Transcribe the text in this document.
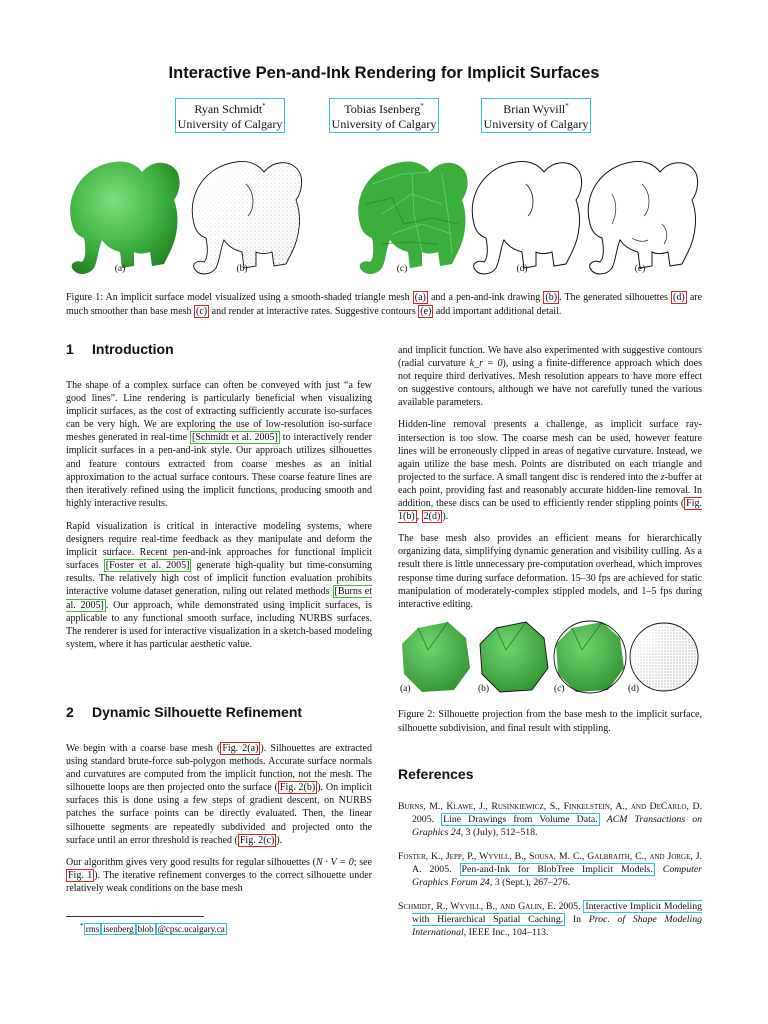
Interactive Pen-and-Ink Rendering for Implicit Surfaces
Ryan Schmidt*
University of Calgary
Tobias Isenberg*
University of Calgary
Brian Wyvill*
University of Calgary
(a)	(b)	(c)	(d)	(e)
Figure 1: An implicit surface model visualized using a smooth-shaded triangle mesh (a) and a pen-and-ink drawing (b) . The generated silhouettes (d) are much smoother than base mesh (c) and render at interactive rates. Suggestive contours (e) add important additional detail.
1 Introduction

The shape of a complex surface can often be conveyed with just “a few good lines”. Line rendering is particularly beneficial when visualizing implicit surfaces, as the cost of extracting sufficiently accurate iso-surfaces can be very high. We are exploring the use of low-resolution iso-surface meshes generated in real-time [Schmidt et al. 2005] to interactively render implicit surfaces in a pen-and-ink style. Our approach utilizes silhouettes and feature contours extracted from coarse meshes as an initial approximation to the actual surface contours. These coarse feature lines are then iteratively refined using the implicit functions, producing smooth and highly interactive results.

Rapid visualization is critical in interactive modeling systems, where designers require real-time feedback as they manipulate and deform the implicit surface. Recent pen-and-ink approaches for functional implicit surfaces [Foster et al. 2005] generate high-quality but time-consuming results. The relatively high cost of implicit function evaluation prohibits interactive volume dataset generation, ruling out related methods [Burns et al. 2005] . Our approach, while demonstrated using implicit surfaces, is applicable to any functional smooth surface, including NURBS surfaces. The renderer is used for interactive visualization in a sketch-based modeling system, where it has particular aesthetic value.

2 Dynamic Silhouette Refinement

We begin with a coarse base mesh ( Fig. 2(a) ). Silhouettes are extracted using standard brute-force sub-polygon methods. Accurate surface normals and curvatures are computed from the implicit function, not the mesh. The silhouette loops are then projected onto the surface ( Fig. 2(b) ). On implicit surfaces this is done using a few steps of gradient descent, on NURBS patches the surface points can be directly evaluated. Then, the linear silhouette segments are repeatedly subdivided and projected onto the surface until an error threshold is reached ( Fig. 2(c) ).

Our algorithm gives very good results for regular silhouettes (N · V = 0; see Fig. 1 ). The iterative refinement converges to the correct silhouette under relatively weak conditions on the base mesh

* rms isenberg blob @cpsc.ucalgary.ca

and implicit function. We have also experimented with suggestive contours (radial curvature k_r = 0), using a finite-difference approach which does not require third derivatives. Mesh resolution appears to have more effect on suggestive contours, although we have not carefully tuned the various available parameters.

Hidden-line removal presents a challenge, as implicit surface ray-intersection is too slow. The coarse mesh can be used, however feature lines will be erroneously clipped in areas of negative curvature. Instead, we again utilize the base mesh. Points are distributed on each triangle and projected to the surface. A small tangent disc is rendered into the z-buffer at each point, providing fast and reasonably accurate hidden-line removal. In addition, these discs can be used to efficiently render stippling points ( Fig. 1(b) , 2(d) ).

The base mesh also provides an efficient means for hierarchically organizing data, simplifying dynamic generation and visibility culling. As a result there is little unnecessary pre-computation overhead, which improves response time during surface deformation. 15–30 fps are achieved for static manipulation of moderately-complex stippled models, and 1–5 fps during interactive editing.

(a)	(b)	(c)	(d)
Figure 2: Silhouette projection from the base mesh to the implicit surface, silhouette subdivision, and final result with stippling.
References
Burns, M., Klawe, J., Rusinkiewicz, S., Finkelstein, A., and DeCarlo, D. 2005. Line Drawings from Volume Data. ACM Transactions on Graphics 24, 3 (July), 512–518.
Foster, K., Jepp, P., Wyvill, B., Sousa, M. C., Galbraith, C., and Jorge, J. A. 2005. Pen-and-Ink for BlobTree Implicit Models. Computer Graphics Forum 24, 3 (Sept.), 267–276.
Schmidt, R., Wyvill, B., and Galin, E. 2005. Interactive Implicit Modeling with Hierarchical Spatial Caching. In Proc. of Shape Modeling International, IEEE Inc., 104–113.
